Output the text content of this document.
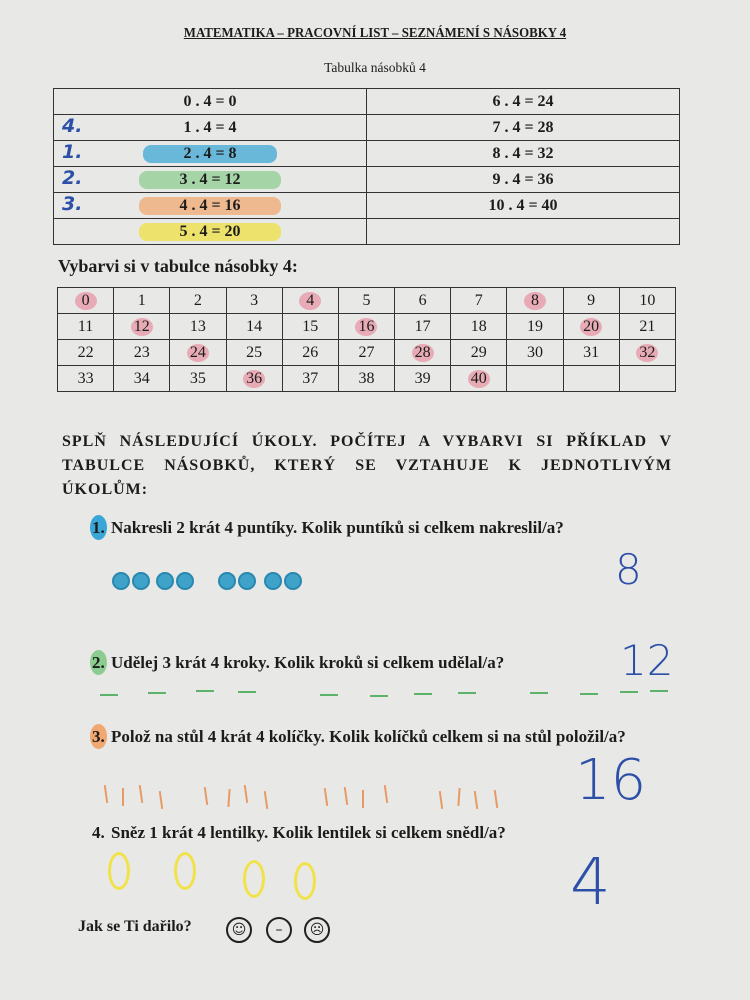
MATEMATIKA – PRACOVNÍ LIST – SEZNÁMENÍ S NÁSOBKY 4
Tabulka násobků 4
0 . 4 = 0	6 . 4 = 24

4. 1 . 4 = 4	7 . 4 = 28

1. 2 . 4 = 8	8 . 4 = 32

2. 3 . 4 = 12	9 . 4 = 36

3. 4 . 4 = 16	10 . 4 = 40

5 . 4 = 20	
Vybarvi si v tabulce násobky 4:
0	1	2	3	4	5	6	7	8	9	10
11	12	13	14	15	16	17	18	19	20	21
22	23	24	25	26	27	28	29	30	31	32
33	34	35	36	37	38	39	40			
SPLŇ NÁSLEDUJÍCÍ ÚKOLY. POČÍTEJ A VYBARVI SI PŘÍKLAD V TABULCE NÁSOBKŮ, KTERÝ SE VZTAHUJE K JEDNOTLIVÝM ÚKOLŮM:
1. Nakresli 2 krát 4 puntíky. Kolik puntíků si celkem nakreslil/a?
8
2. Udělej 3 krát 4 kroky. Kolik kroků si celkem udělal/a?	12
3. Polož na stůl 4 krát 4 kolíčky. Kolik kolíčků celkem si na stůl položil/a?
16
4. Sněz 1 krát 4 lentilky. Kolik lentilek si celkem snědl/a?
4
Jak se Ti dařilo?	☺	–	☹
